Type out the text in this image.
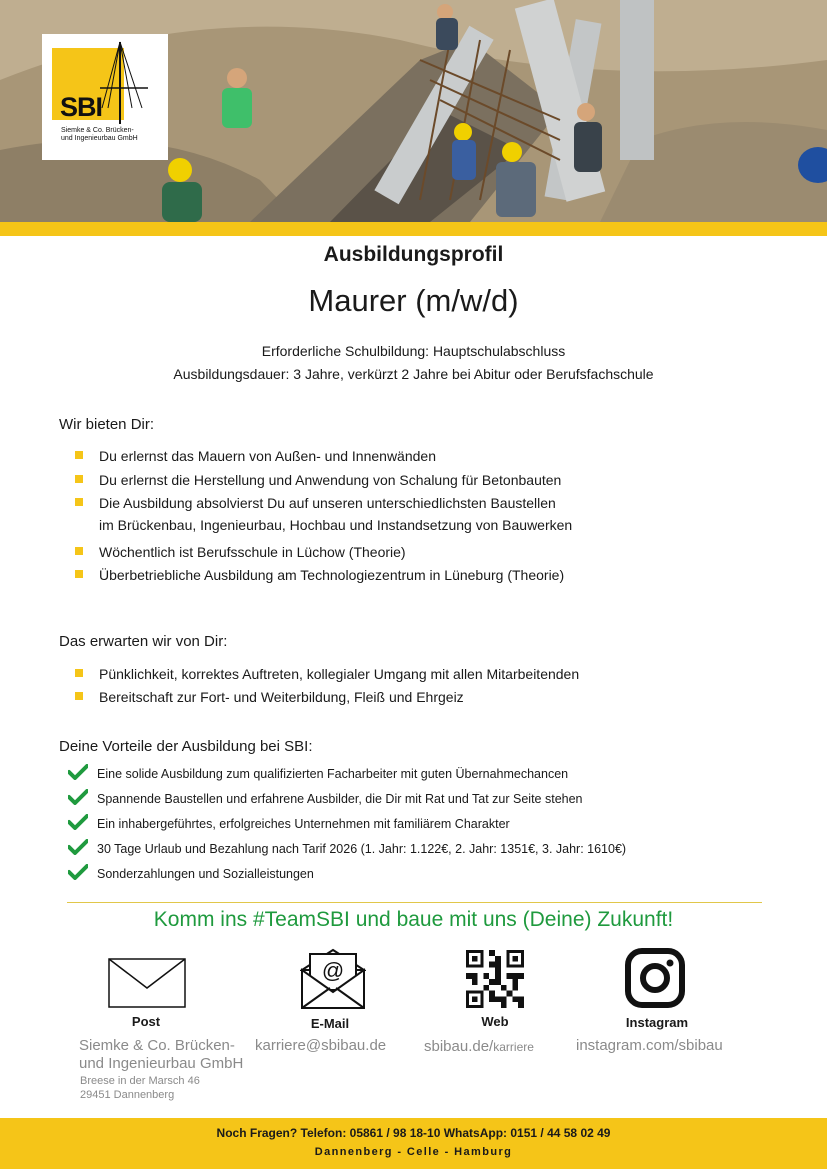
SBI
Siemke & Co. Brücken-
und Ingenieurbau GmbH
Ausbildungsprofil
Maurer (m/w/d)
Erforderliche Schulbildung: Hauptschulabschluss
Ausbildungsdauer: 3 Jahre, verkürzt 2 Jahre bei Abitur oder Berufsfachschule
Wir bieten Dir:
Du erlernst das Mauern von Außen- und Innenwänden
Du erlernst die Herstellung und Anwendung von Schalung für Betonbauten
Die Ausbildung absolvierst Du auf unseren unterschiedlichsten Baustellen
im Brückenbau, Ingenieurbau, Hochbau und Instandsetzung von Bauwerken
Wöchentlich ist Berufsschule in Lüchow (Theorie)
Überbetriebliche Ausbildung am Technologiezentrum in Lüneburg (Theorie)
Das erwarten wir von Dir:
Pünklichkeit, korrektes Auftreten, kollegialer Umgang mit allen Mitarbeitenden
Bereitschaft zur Fort- und Weiterbildung, Fleiß und Ehrgeiz
Deine Vorteile der Ausbildung bei SBI:
Eine solide Ausbildung zum qualifizierten Facharbeiter mit guten Übernahmechancen
Spannende Baustellen und erfahrene Ausbilder, die Dir mit Rat und Tat zur Seite stehen
Ein inhabergeführtes, erfolgreiches Unternehmen mit familiärem Charakter
30 Tage Urlaub und Bezahlung nach Tarif 2026 (1. Jahr: 1.122€, 2. Jahr: 1351€, 3. Jahr: 1610€)
Sonderzahlungen und Sozialleistungen
Komm ins #TeamSBI und baue mit uns (Deine) Zukunft!
@
Post	E-Mail	Web	Instagram
Siemke & Co. Brücken-
und Ingenieurbau GmbH
Breese in der Marsch 46
29451 Dannenberg
karriere@sbibau.de	sbibau.de/karriere	instagram.com/sbibau
Noch Fragen? Telefon: 05861 / 98 18-10 WhatsApp: 0151 / 44 58 02 49
Dannenberg - Celle - Hamburg
